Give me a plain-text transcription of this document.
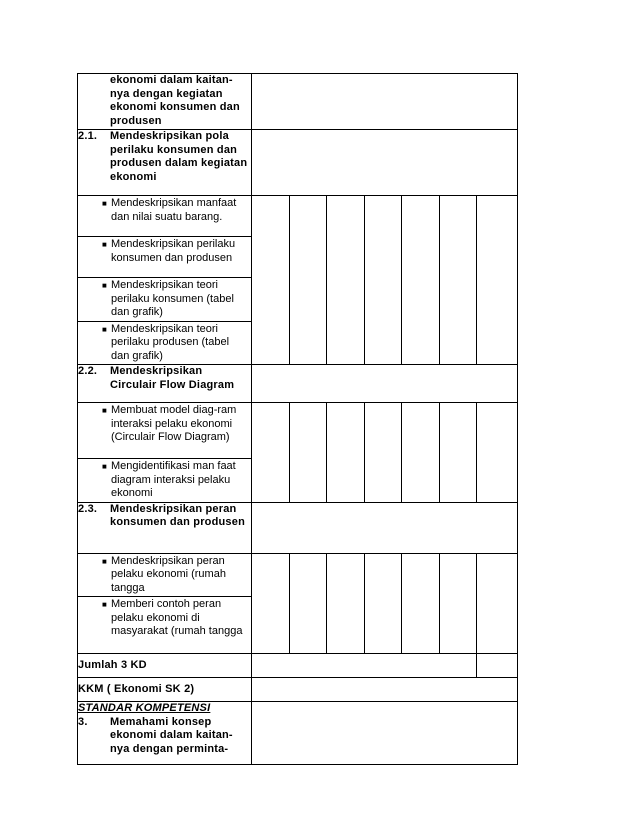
ekonomi dalam kaitan-nya dengan kegiatan ekonomi konsumen dan produsen							

2.1. Mendeskripsikan pola perilaku konsumen dan produsen dalam kegiatan ekonomi							

■ Mendeskripsikan manfaat dan nilai suatu barang.							

■ Mendeskripsikan perilaku konsumen dan produsen							

■ Mendeskripsikan teori perilaku konsumen (tabel dan grafik)							

■ Mendeskripsikan teori perilaku produsen (tabel dan grafik)							

2.2. Mendeskripsikan Circulair Flow Diagram							

■ Membuat model diag-ram interaksi pelaku ekonomi (Circulair Flow Diagram)							

■ Mengidentifikasi man faat diagram interaksi pelaku ekonomi							

2.3. Mendeskripsikan peran konsumen dan produsen							

■ Mendeskripsikan peran pelaku ekonomi (rumah tangga							

■ Memberi contoh peran pelaku ekonomi di masyarakat (rumah tangga							

Jumlah 3 KD							
KKM ( Ekonomi SK 2)							

STANDAR KOMPETENSI
3. Memahami konsep ekonomi dalam kaitan-nya dengan perminta-							
